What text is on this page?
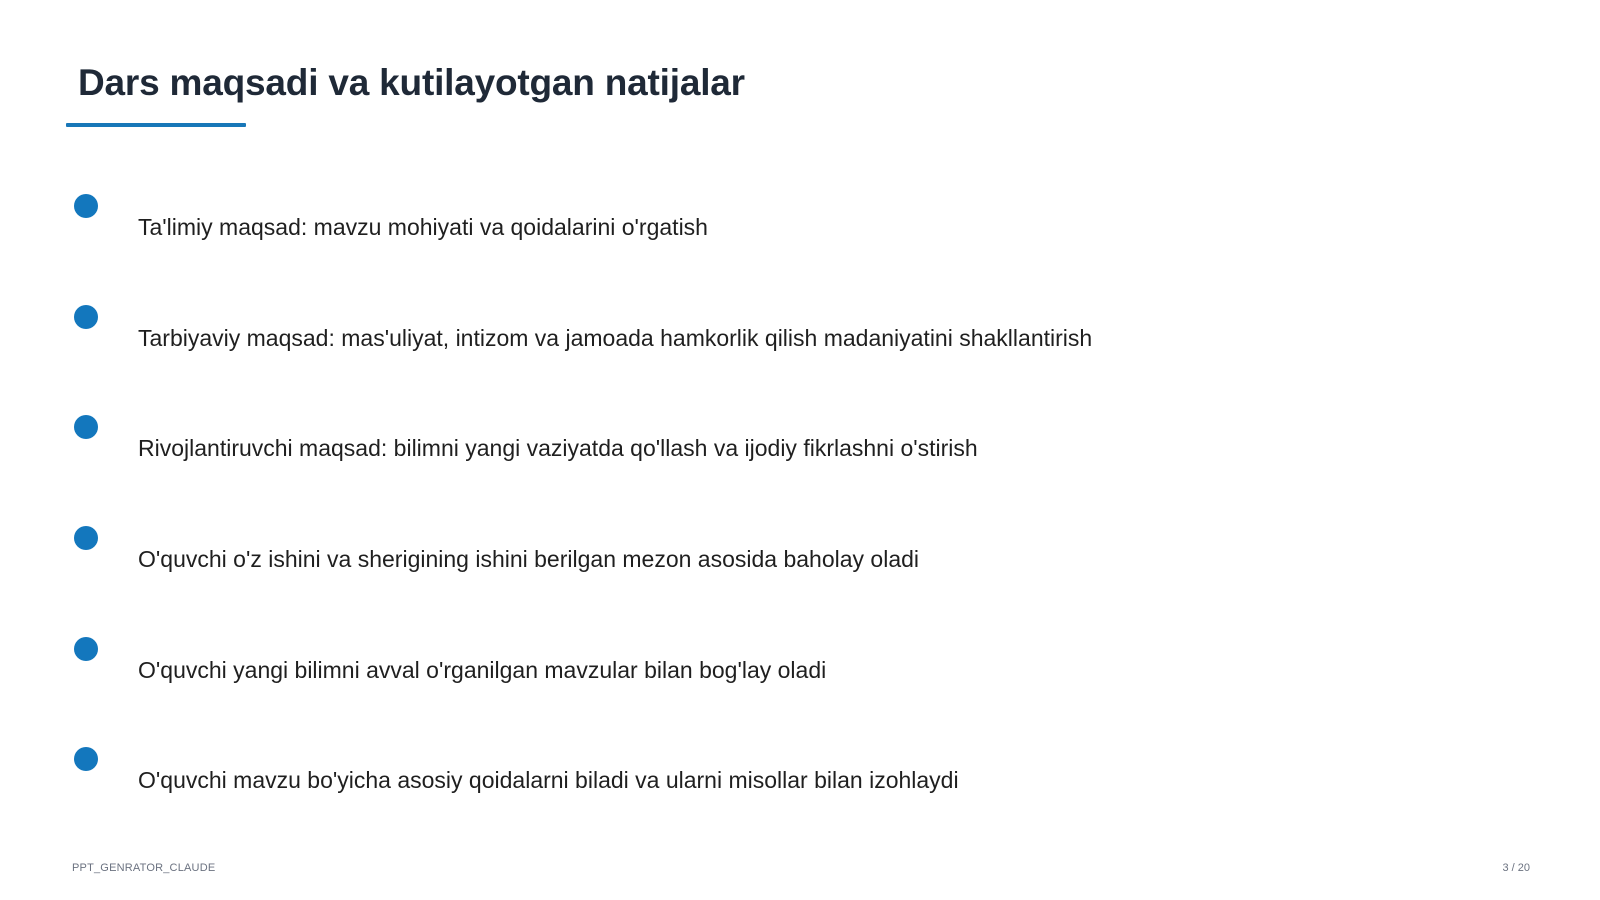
Dars maqsadi va kutilayotgan natijalar
Ta'limiy maqsad: mavzu mohiyati va qoidalarini o'rgatish
Tarbiyaviy maqsad: mas'uliyat, intizom va jamoada hamkorlik qilish madaniyatini shakllantirish
Rivojlantiruvchi maqsad: bilimni yangi vaziyatda qo'llash va ijodiy fikrlashni o'stirish
O'quvchi o'z ishini va sherigining ishini berilgan mezon asosida baholay oladi
O'quvchi yangi bilimni avval o'rganilgan mavzular bilan bog'lay oladi
O'quvchi mavzu bo'yicha asosiy qoidalarni biladi va ularni misollar bilan izohlaydi
PPT_GENRATOR_CLAUDE	3 / 20
